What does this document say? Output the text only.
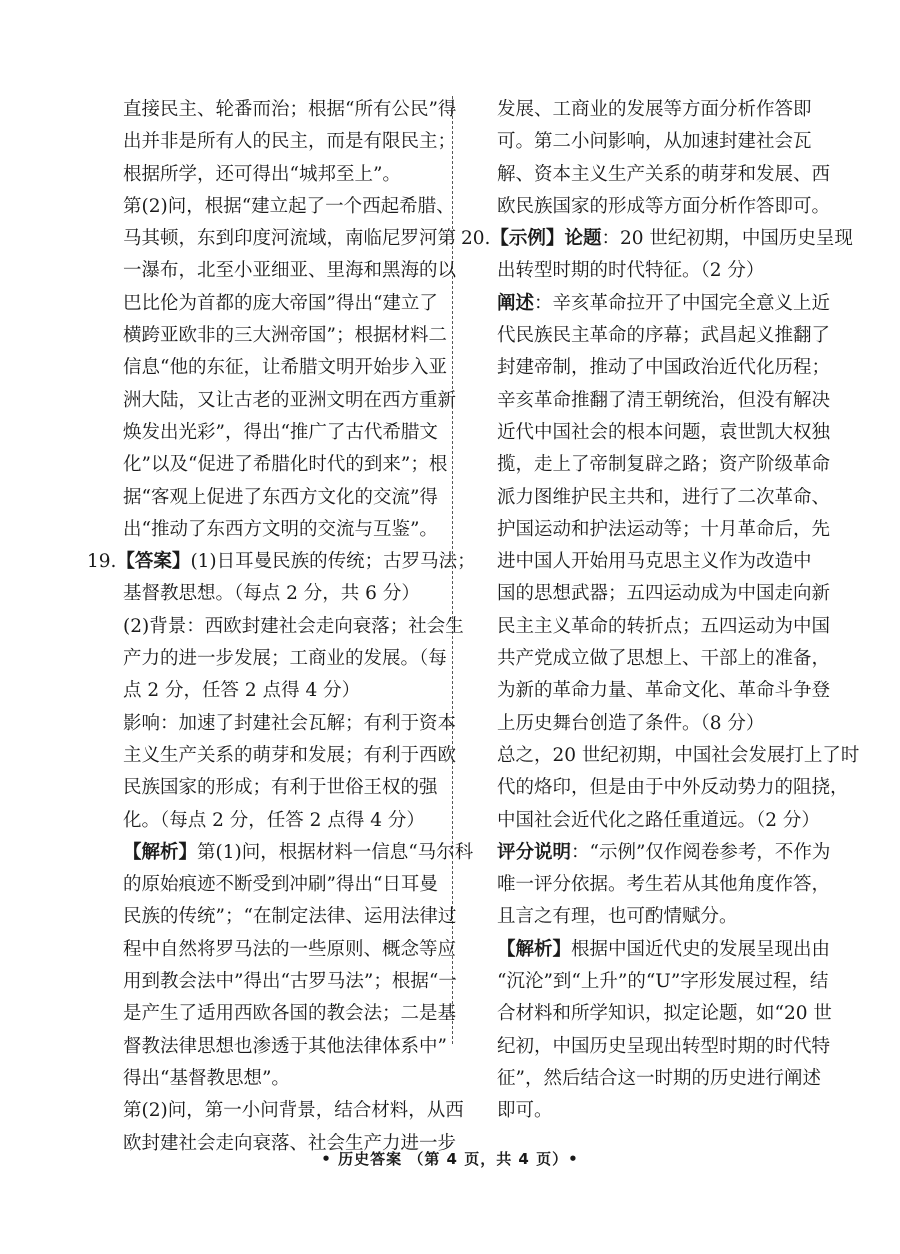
直接民主、轮番而治；根据“所有公民”得
出并非是所有人的民主，而是有限民主；
根据所学，还可得出“城邦至上”。
第(2)问，根据“建立起了一个西起希腊、
马其顿，东到印度河流域，南临尼罗河第
一瀑布，北至小亚细亚、里海和黑海的以
巴比伦为首都的庞大帝国”得出“建立了
横跨亚欧非的三大洲帝国”；根据材料二
信息“他的东征，让希腊文明开始步入亚
洲大陆，又让古老的亚洲文明在西方重新
焕发出光彩”，得出“推广了古代希腊文
化”以及“促进了希腊化时代的到来”；根
据“客观上促进了东西方文化的交流”得
出“推动了东西方文明的交流与互鉴”。
19.【答案】(1)日耳曼民族的传统；古罗马法；
基督教思想。（每点 2 分，共 6 分）
(2)背景：西欧封建社会走向衰落；社会生
产力的进一步发展；工商业的发展。（每
点 2 分，任答 2 点得 4 分）
影响：加速了封建社会瓦解；有利于资本
主义生产关系的萌芽和发展；有利于西欧
民族国家的形成；有利于世俗王权的强
化。（每点 2 分，任答 2 点得 4 分）
【解析】第(1)问，根据材料一信息“马尔科
的原始痕迹不断受到冲刷”得出“日耳曼
民族的传统”；“在制定法律、运用法律过
程中自然将罗马法的一些原则、概念等应
用到教会法中”得出“古罗马法”；根据“一
是产生了适用西欧各国的教会法；二是基
督教法律思想也渗透于其他法律体系中”
得出“基督教思想”。
第(2)问，第一小问背景，结合材料，从西
欧封建社会走向衰落、社会生产力进一步
发展、工商业的发展等方面分析作答即
可。第二小问影响，从加速封建社会瓦
解、资本主义生产关系的萌芽和发展、西
欧民族国家的形成等方面分析作答即可。
20.【示例】论题：20 世纪初期，中国历史呈现
出转型时期的时代特征。（2 分）
阐述：辛亥革命拉开了中国完全意义上近
代民族民主革命的序幕；武昌起义推翻了
封建帝制，推动了中国政治近代化历程；
辛亥革命推翻了清王朝统治，但没有解决
近代中国社会的根本问题，袁世凯大权独
揽，走上了帝制复辟之路；资产阶级革命
派力图维护民主共和，进行了二次革命、
护国运动和护法运动等；十月革命后，先
进中国人开始用马克思主义作为改造中
国的思想武器；五四运动成为中国走向新
民主主义革命的转折点；五四运动为中国
共产党成立做了思想上、干部上的准备，
为新的革命力量、革命文化、革命斗争登
上历史舞台创造了条件。（8 分）
总之，20 世纪初期，中国社会发展打上了时
代的烙印，但是由于中外反动势力的阻挠，
中国社会近代化之路任重道远。（2 分）
评分说明：“示例”仅作阅卷参考，不作为
唯一评分依据。考生若从其他角度作答，
且言之有理，也可酌情赋分。
【解析】根据中国近代史的发展呈现出由
“沉沦”到“上升”的“U”字形发展过程，结
合材料和所学知识，拟定论题，如“20 世
纪初，中国历史呈现出转型时期的时代特
征”，然后结合这一时期的历史进行阐述
即可。
• 历史答案 （第 4 页，共 4 页）•
